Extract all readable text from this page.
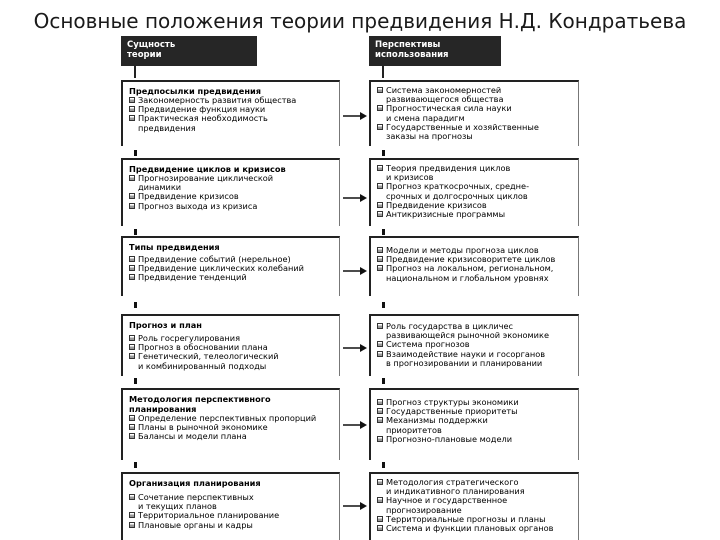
Основные положения теории предвидения Н.Д. Кондратьева
Сущность
теории
Перспективы
использования
Предпосылки предвидения
Закономерность развития общества
Предвидение функция науки
Практическая необходимость
предвидения
Система закономерностей
развивающегося общества
Прогностическая сила науки
и смена парадигм
Государственные и хозяйственные
заказы на прогнозы
Предвидение циклов и кризисов
Прогнозирование циклической
динамики
Предвидение кризисов
Прогноз выхода из кризиса
Теория предвидения циклов
и кризисов
Прогноз краткосрочных, средне-
срочных и долгосрочных циклов
Предвидение кризисов
Антикризисные программы
Типы предвидения
Предвидение событий (нерельное)
Предвидение циклических колебаний
Предвидение тенденций
Модели и методы прогноза циклов
Предвидение кризисоворитете циклов
Прогноз на локальном, региональном,
национальном и глобальном уровнях
Прогноз и план
Роль госрегулирования
Прогноз в обосновании плана
Генетический, телеологический
и комбинированный подходы
Роль государства в цикличес
развивающейся рыночной экономике
Система прогнозов
Взаимодействие науки и госорганов
в прогнозировании и планировании
Методология перспективного
планирования
Определение перспективных пропорций
Планы в рыночной экономике
Балансы и модели плана
Прогноз структуры экономики
Государственные приоритеты
Механизмы поддержки
приоритетов
Прогнозно-плановые модели
Организация планирования
Сочетание перспективных
и текущих планов
Территориальное планирование
Плановые органы и кадры
Методология стратегического
и индикативного планирования
Научное и государственное
прогнозирование
Территориальные прогнозы и планы
Система и функции плановых органов
